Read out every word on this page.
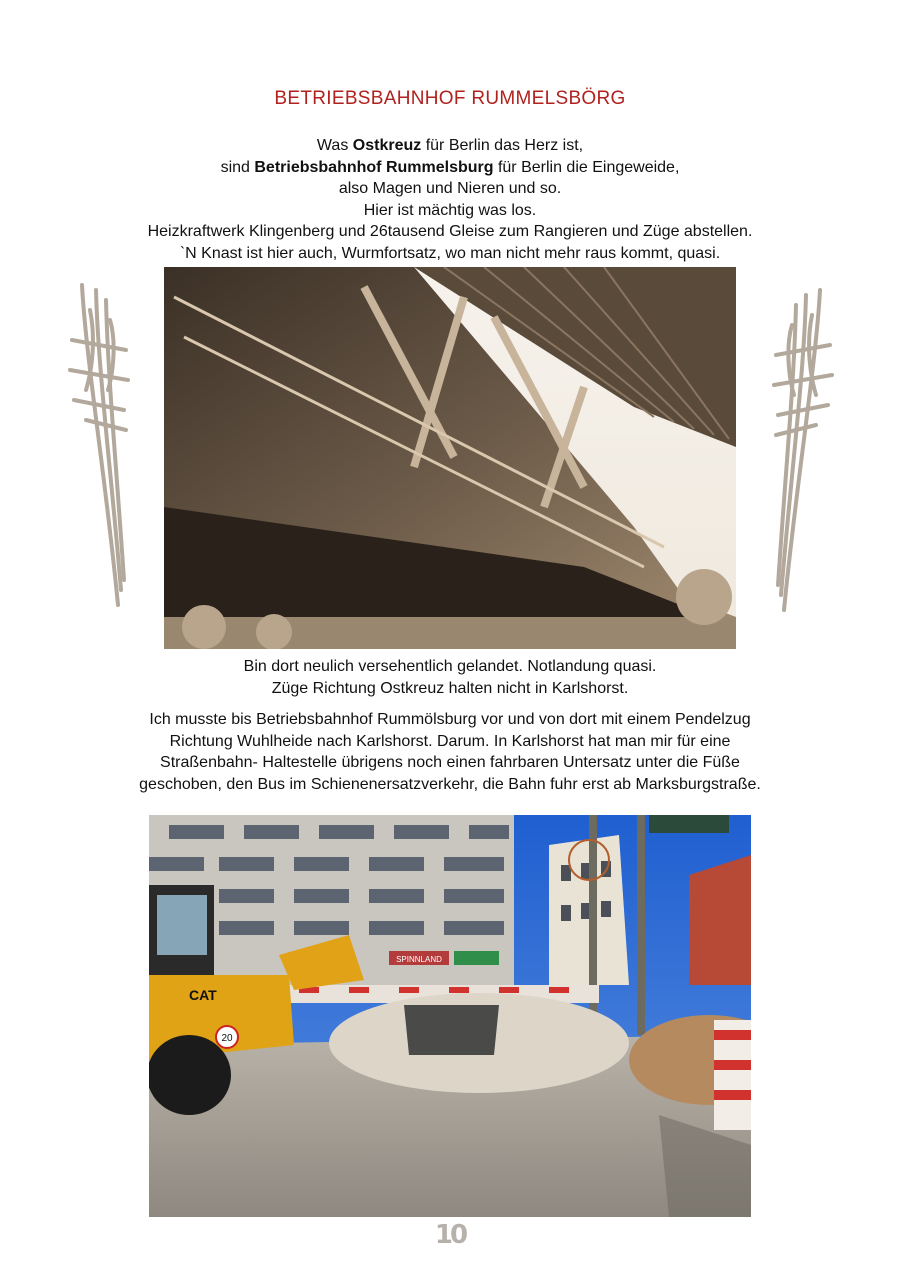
BETRIEBSBAHNHOF RUMMELSBÖRG
Was Ostkreuz für Berlin das Herz ist,
sind Betriebsbahnhof Rummelsburg für Berlin die Eingeweide,
also Magen und Nieren und so.
Hier ist mächtig was los.
Heizkraftwerk Klingenberg und 26tausend Gleise zum Rangieren und Züge abstellen.
`N Knast ist hier auch, Wurmfortsatz, wo man nicht mehr raus kommt, quasi.
Bin dort neulich versehentlich gelandet. Notlandung quasi.
Züge Richtung Ostkreuz halten nicht in Karlshorst.
Ich musste bis Betriebsbahnhof Rummölsburg vor und von dort mit einem Pendelzug
Richtung Wuhlheide nach Karlshorst. Darum. In Karlshorst hat man mir für eine
Straßenbahn- Haltestelle übrigens noch einen fahrbaren Untersatz unter die Füße
geschoben, den Bus im Schienenersatzverkehr, die Bahn fuhr erst ab Marksburgstraße.
SPINNLAND
CAT
20
10
